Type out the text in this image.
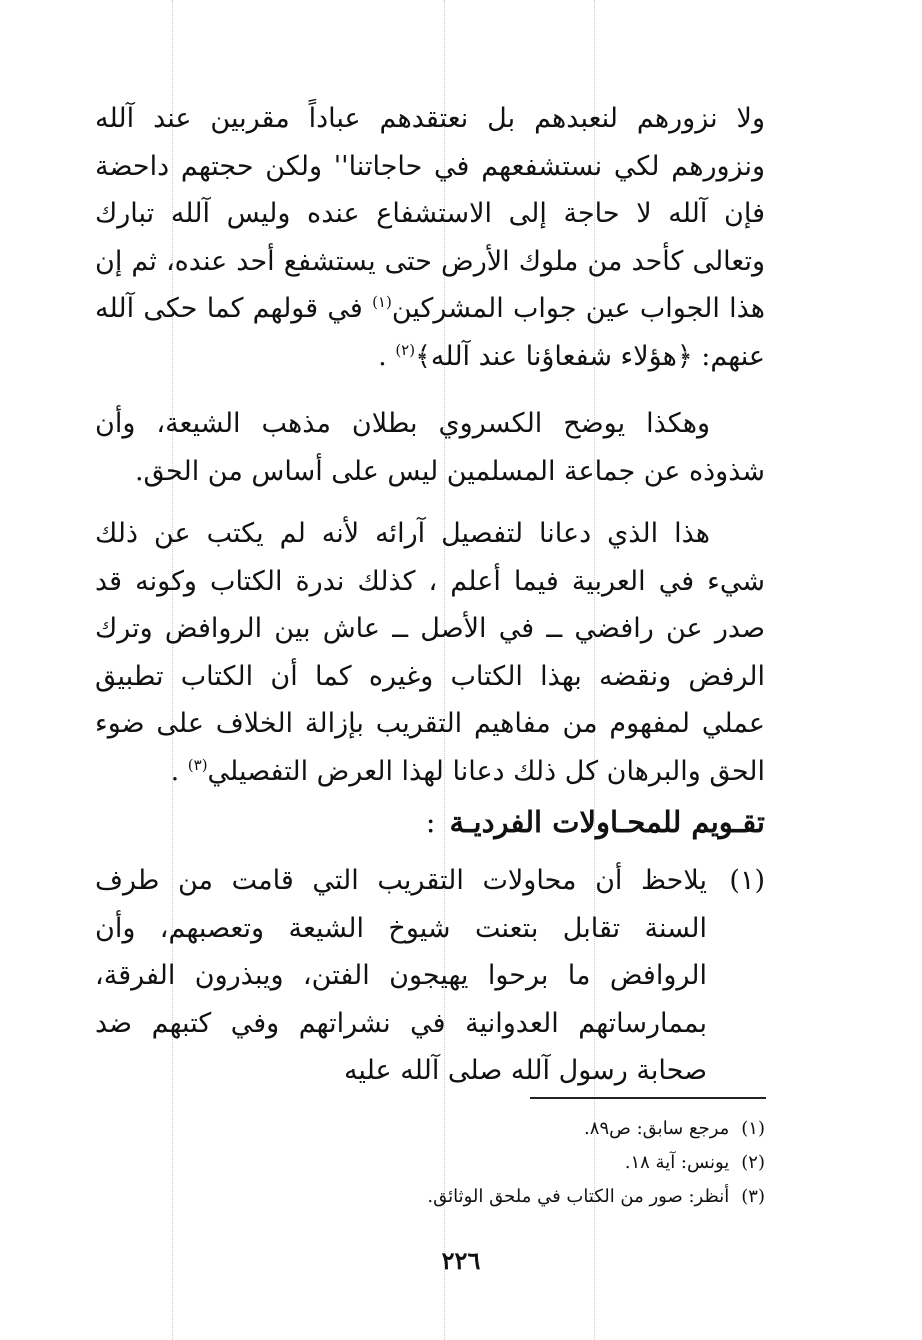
ولا نزورهم لنعبدهم بل نعتقدهم عباداً مقربين عند آلله ونزورهم لكي نستشفعهم في حاجاتنا'' ولكن حجتهم داحضة فإن آلله لا حاجة إلى الاستشفاع عنده وليس آلله تبارك وتعالى كأحد من ملوك الأرض حتى يستشفع أحد عنده، ثم إن هذا الجواب عين جواب المشركين$^{(١)}$ في قولهم كما حكى آلله عنهم: ﴿هؤلاء شفعاؤنا عند آلله﴾$^{(٢)}$ .
وهكذا يوضح الكسروي بطلان مذهب الشيعة، وأن شذوذه عن جماعة المسلمين ليس على أساس من الحق.
هذا الذي دعانا لتفصيل آرائه لأنه لم يكتب عن ذلك شيء في العربية فيما أعلم ، كذلك ندرة الكتاب وكونه قد صدر عن رافضي ــ في الأصل ــ عاش بين الروافض وترك الرفض ونقضه بهذا الكتاب وغيره كما أن الكتاب تطبيق عملي لمفهوم من مفاهيم التقريب بإزالة الخلاف على ضوء الحق والبرهان كل ذلك دعانا لهذا العرض التفصيلي$^{(٣)}$ .
تقـويم للمحـاولات الفرديـة:
(١)
يلاحظ أن محاولات التقريب التي قامت من طرف السنة تقابل بتعنت شيوخ الشيعة وتعصبهم، وأن الروافض ما برحوا يهيجون الفتن، ويبذرون الفرقة، بممارساتهم العدوانية في نشراتهم وفي كتبهم ضد صحابة رسول آلله صلى آلله عليه
(١)مرجع سابق: ص٨٩.
(٢)يونس: آية ١٨.
(٣)أنظر: صور من الكتاب في ملحق الوثائق.
٢٢٦
